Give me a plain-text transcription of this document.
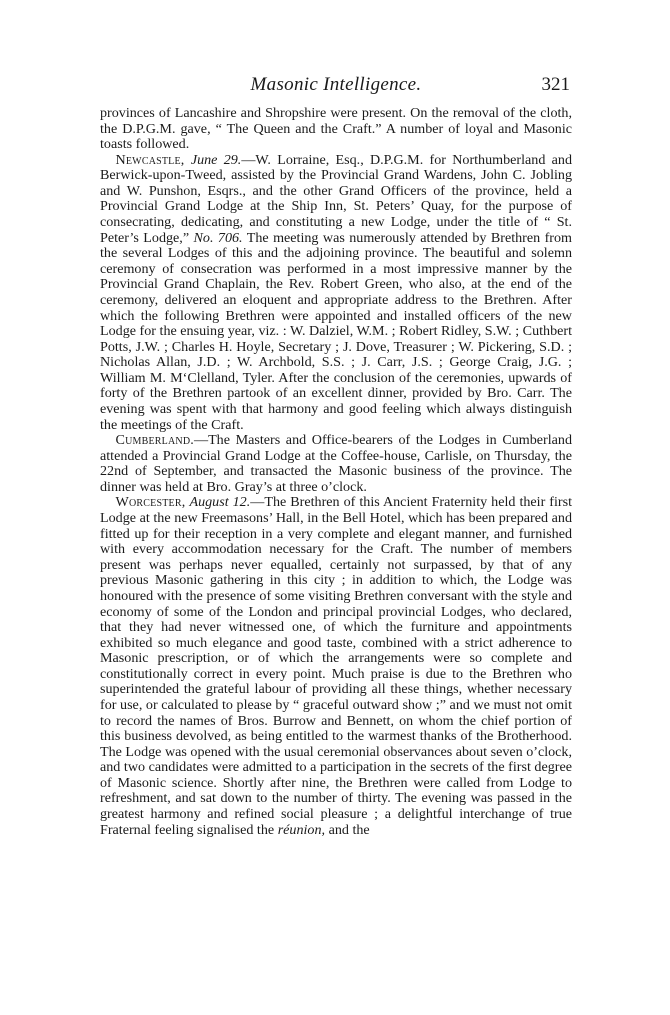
Masonic Intelligence.	321

provinces of Lancashire and Shropshire were present. On the removal of the cloth, the D.P.G.M. gave, “ The Queen and the Craft.” A number of loyal and Masonic toasts followed.

Newcastle, June 29.—W. Lorraine, Esq., D.P.G.M. for Northumberland and Berwick-upon-Tweed, assisted by the Provincial Grand Wardens, John C. Jobling and W. Punshon, Esqrs., and the other Grand Officers of the province, held a Provincial Grand Lodge at the Ship Inn, St. Peters’ Quay, for the purpose of consecrating, dedicating, and constituting a new Lodge, under the title of “ St. Peter’s Lodge,” No. 706. The meeting was numerously attended by Brethren from the several Lodges of this and the adjoining province. The beautiful and solemn ceremony of consecration was performed in a most impressive manner by the Provincial Grand Chaplain, the Rev. Robert Green, who also, at the end of the ceremony, delivered an eloquent and appropriate address to the Brethren. After which the following Brethren were appointed and installed officers of the new Lodge for the ensuing year, viz. : W. Dalziel, W.M. ; Robert Ridley, S.W. ; Cuthbert Potts, J.W. ; Charles H. Hoyle, Secretary ; J. Dove, Treasurer ; W. Pickering, S.D. ; Nicholas Allan, J.D. ; W. Archbold, S.S. ; J. Carr, J.S. ; George Craig, J.G. ; William M. M‘Clelland, Tyler. After the conclusion of the ceremonies, upwards of forty of the Brethren partook of an excellent dinner, provided by Bro. Carr. The evening was spent with that harmony and good feeling which always distinguish the meetings of the Craft.

Cumberland.—The Masters and Office-bearers of the Lodges in Cumberland attended a Provincial Grand Lodge at the Coffee-house, Carlisle, on Thursday, the 22nd of September, and transacted the Masonic business of the province. The dinner was held at Bro. Gray’s at three o’clock.

Worcester, August 12.—The Brethren of this Ancient Fraternity held their first Lodge at the new Freemasons’ Hall, in the Bell Hotel, which has been prepared and fitted up for their reception in a very complete and elegant manner, and furnished with every accommodation necessary for the Craft. The number of members present was perhaps never equalled, certainly not surpassed, by that of any previous Masonic gathering in this city ; in addition to which, the Lodge was honoured with the presence of some visiting Brethren conversant with the style and economy of some of the London and principal provincial Lodges, who declared, that they had never witnessed one, of which the furniture and appointments exhibited so much elegance and good taste, combined with a strict adherence to Masonic prescription, or of which the arrangements were so complete and constitutionally correct in every point. Much praise is due to the Brethren who superintended the grateful labour of providing all these things, whether necessary for use, or calculated to please by “ graceful outward show ;” and we must not omit to record the names of Bros. Burrow and Bennett, on whom the chief portion of this business devolved, as being entitled to the warmest thanks of the Brotherhood. The Lodge was opened with the usual ceremonial observances about seven o’clock, and two candidates were admitted to a participation in the secrets of the first degree of Masonic science. Shortly after nine, the Brethren were called from Lodge to refreshment, and sat down to the number of thirty. The evening was passed in the greatest harmony and refined social pleasure ; a delightful interchange of true Fraternal feeling signalised the réunion, and the
